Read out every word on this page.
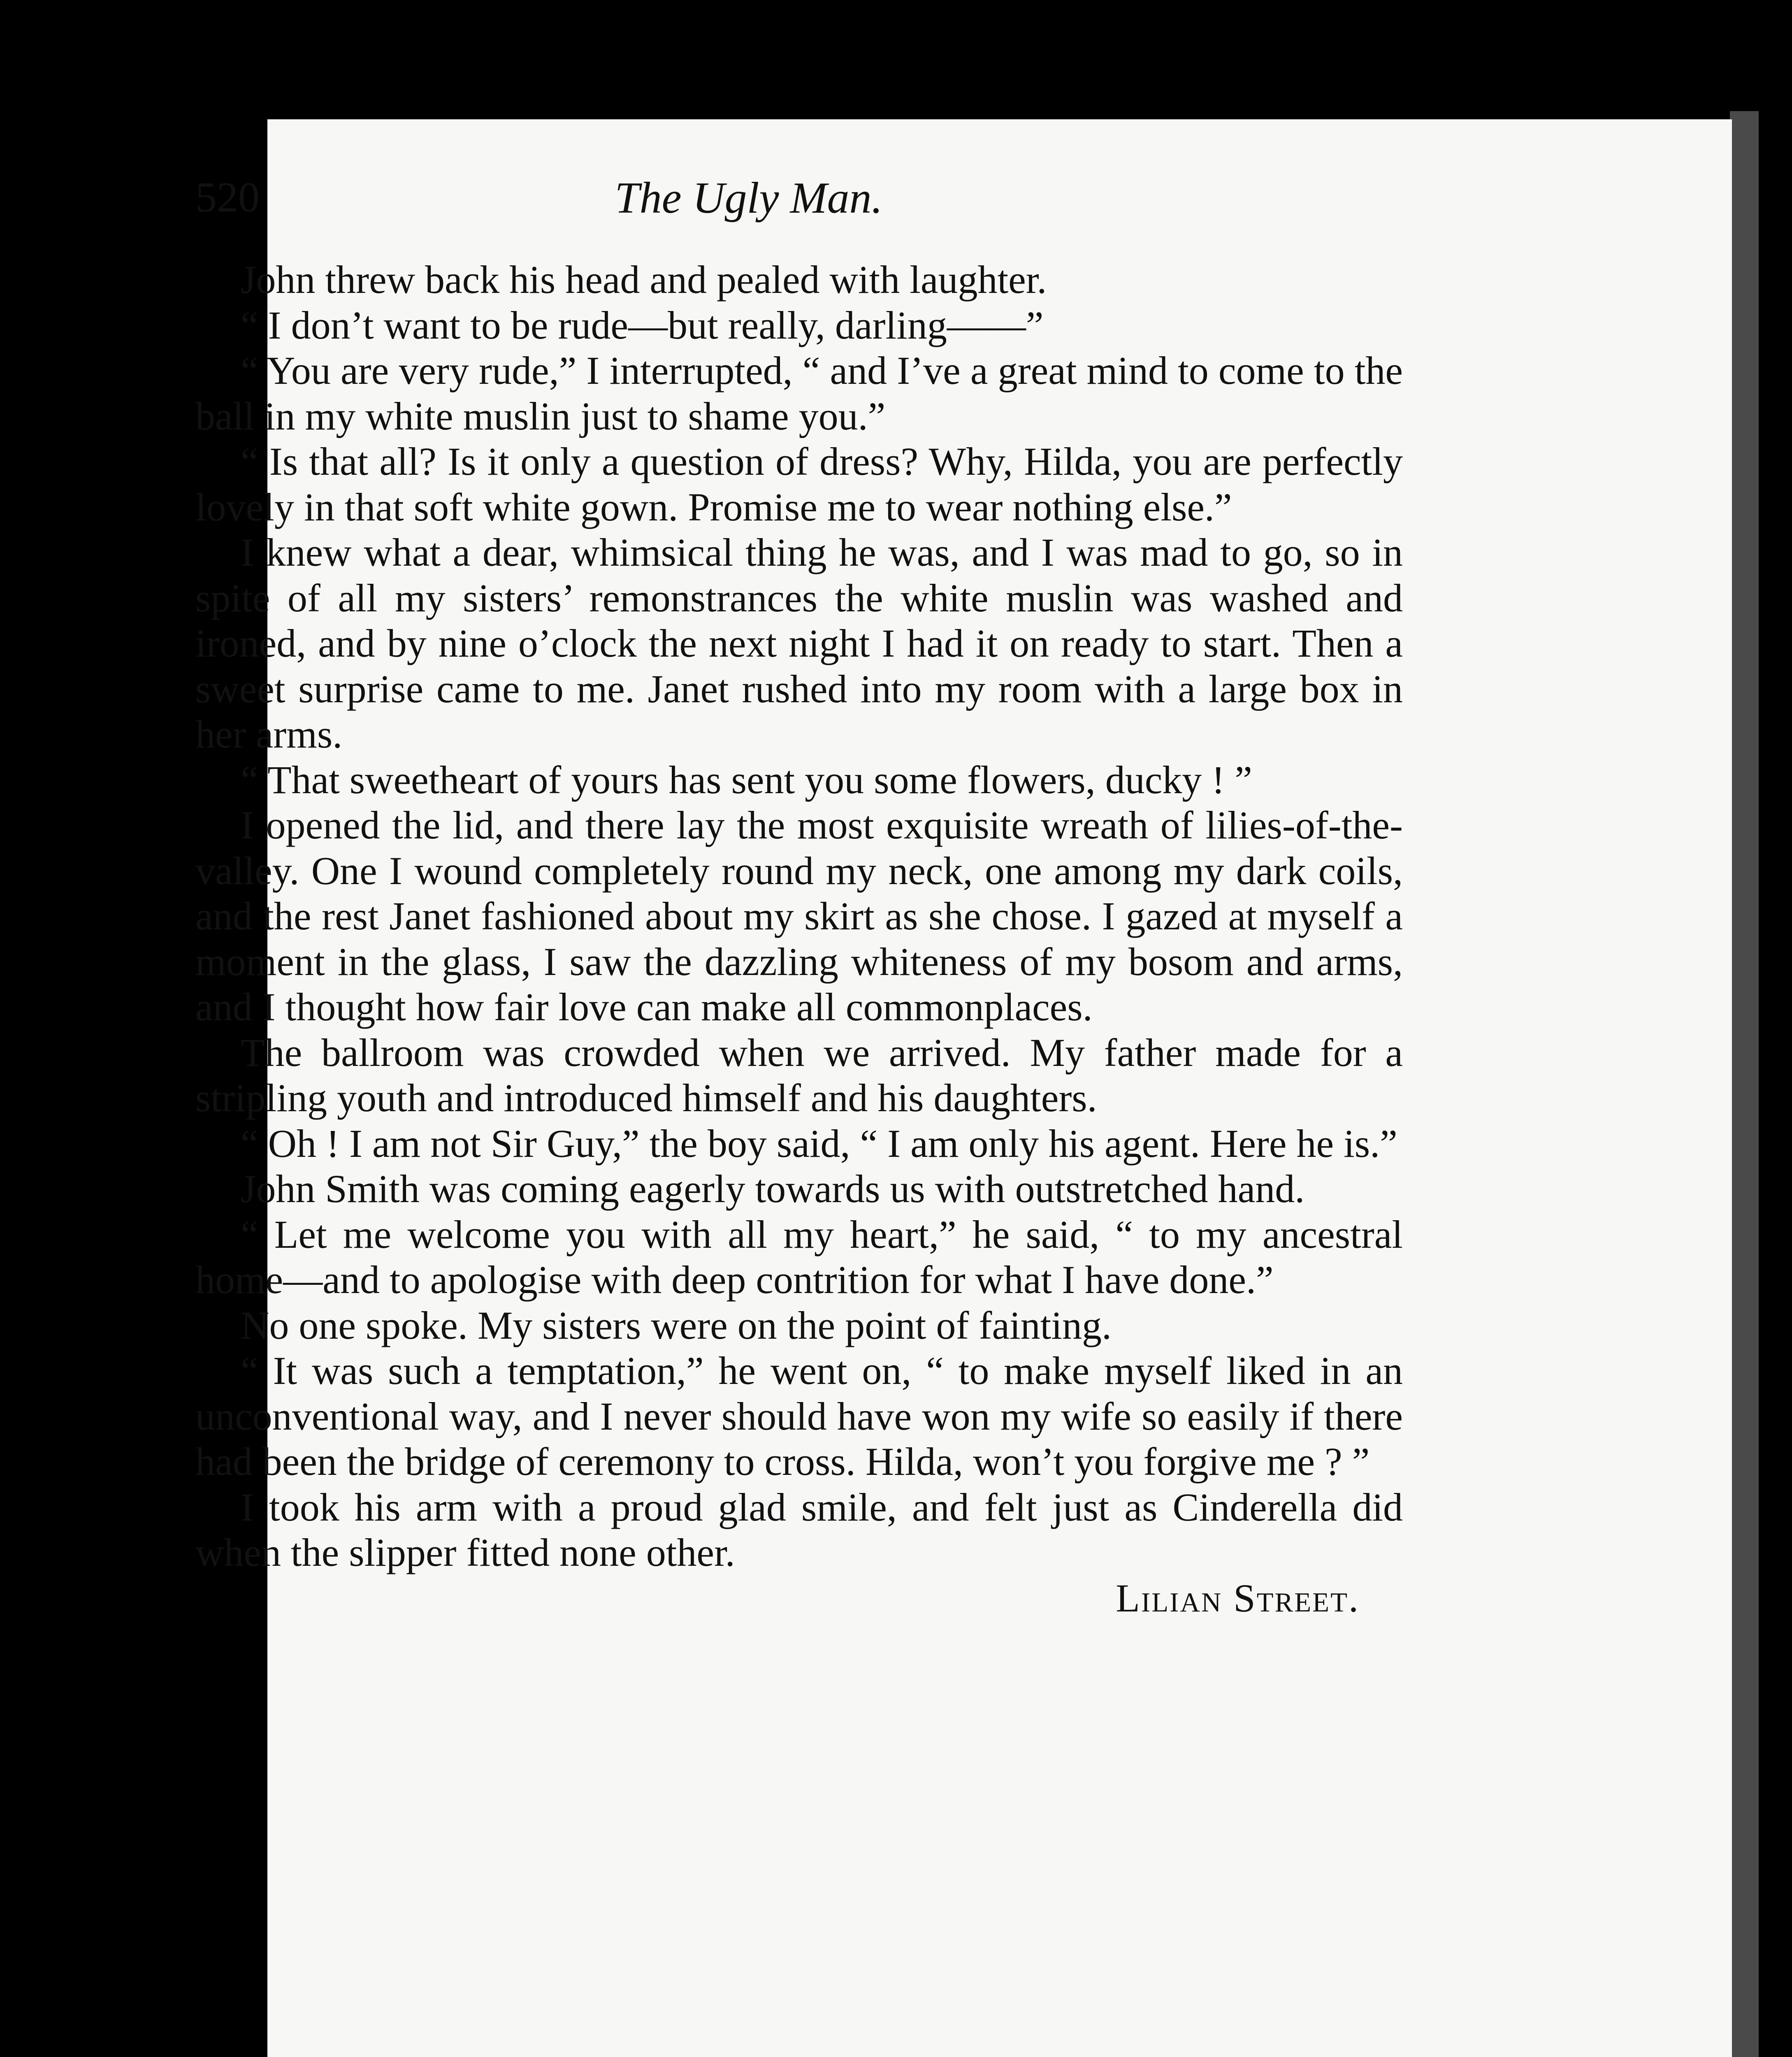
520	The Ugly Man.

John threw back his head and pealed with laughter.

“ I don’t want to be rude—but really, darling——”

“ You are very rude,” I interrupted, “ and I’ve a great mind to come to the ball in my white muslin just to shame you.”

“ Is that all? Is it only a question of dress? Why, Hilda, you are perfectly lovely in that soft white gown. Promise me to wear nothing else.”

I knew what a dear, whimsical thing he was, and I was mad to go, so in spite of all my sisters’ remonstrances the white muslin was washed and ironed, and by nine o’clock the next night I had it on ready to start. Then a sweet surprise came to me. Janet rushed into my room with a large box in her arms.

“ That sweetheart of yours has sent you some flowers, ducky ! ”

I opened the lid, and there lay the most exquisite wreath of lilies-of-the-valley. One I wound completely round my neck, one among my dark coils, and the rest Janet fashioned about my skirt as she chose. I gazed at myself a moment in the glass, I saw the dazzling whiteness of my bosom and arms, and I thought how fair love can make all commonplaces.

The ballroom was crowded when we arrived. My father made for a stripling youth and introduced himself and his daughters.

“ Oh ! I am not Sir Guy,” the boy said, “ I am only his agent. Here he is.”

John Smith was coming eagerly towards us with outstretched hand.

“ Let me welcome you with all my heart,” he said, “ to my ancestral home—and to apologise with deep contrition for what I have done.”

No one spoke. My sisters were on the point of fainting.

“ It was such a temptation,” he went on, “ to make myself liked in an unconventional way, and I never should have won my wife so easily if there had been the bridge of ceremony to cross. Hilda, won’t you forgive me ? ”

I took his arm with a proud glad smile, and felt just as Cinderella did when the slipper fitted none other.

Lilian Street.
